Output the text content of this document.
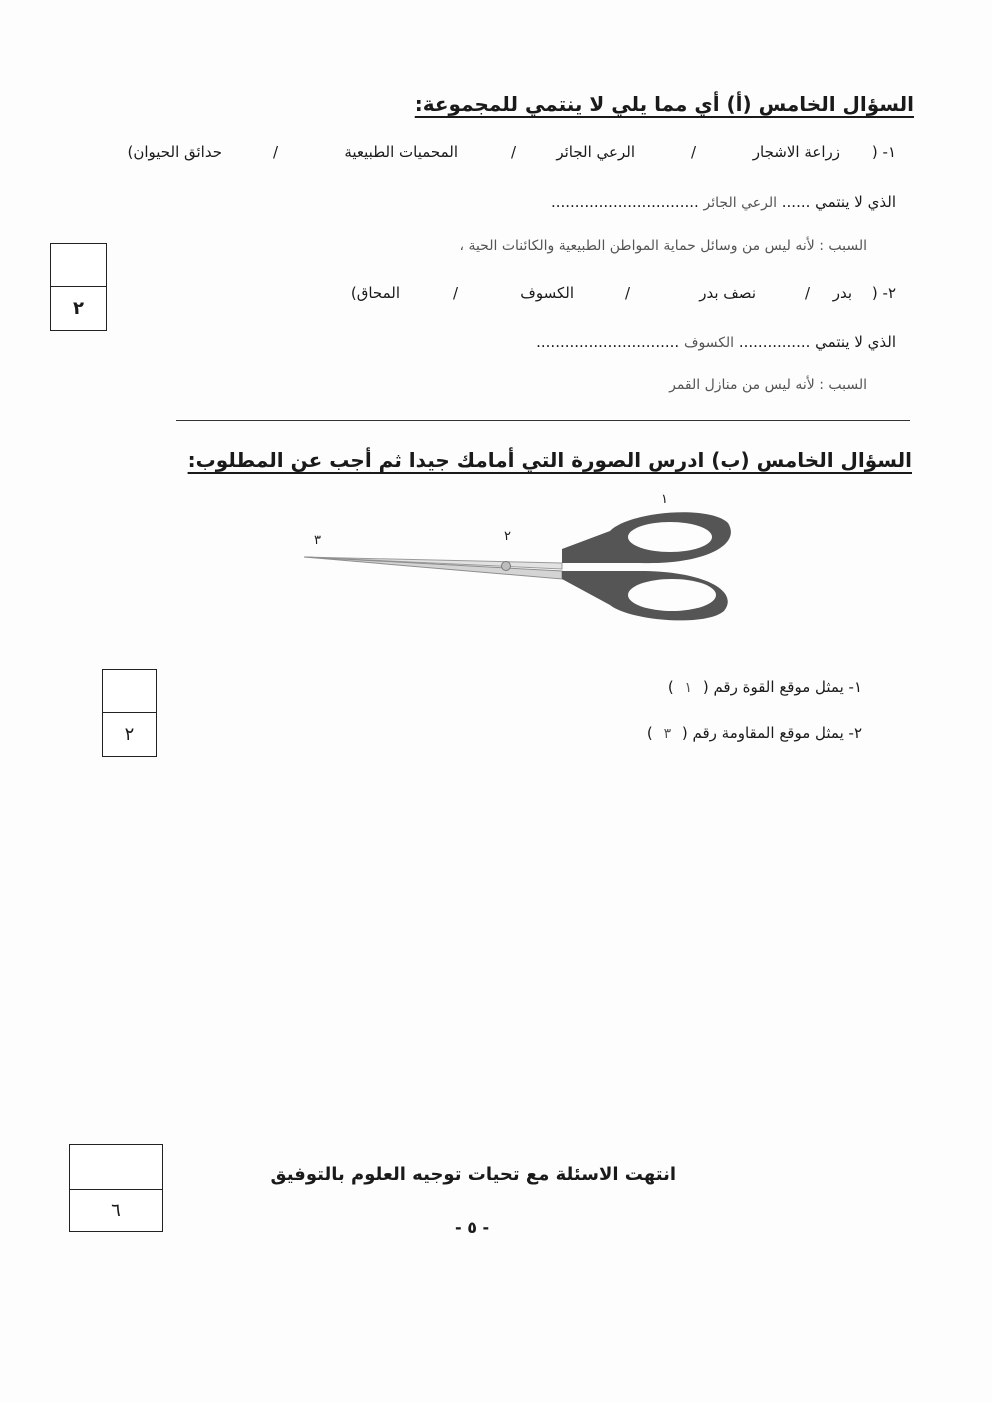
السؤال الخامس (أ) أي مما يلي لا ينتمي للمجموعة:
١- (
زراعة الاشجار
/
الرعي الجائر
/
المحميات الطبيعية
/
حدائق الحيوان)
الذي لا ينتمي ...... الرعي الجائر ...............................
السبب : لأنه ليس من وسائل حماية المواطن الطبيعية والكائنات الحية ،
٢- (
بدر
/
نصف بدر
/
الكسوف
/
المحاق)
الذي لا ينتمي ............... الكسوف ..............................
السبب : لأنه ليس من منازل القمر
٢
السؤال الخامس (ب) ادرس الصورة التي أمامك جيدا ثم أجب عن المطلوب:
١
٢
٣
١- يمثل موقع القوة رقم ( ١ )
٢- يمثل موقع المقاومة رقم ( ٣ )
٢
انتهت الاسئلة مع تحيات توجيه العلوم بالتوفيق
- ٥ -
٦
